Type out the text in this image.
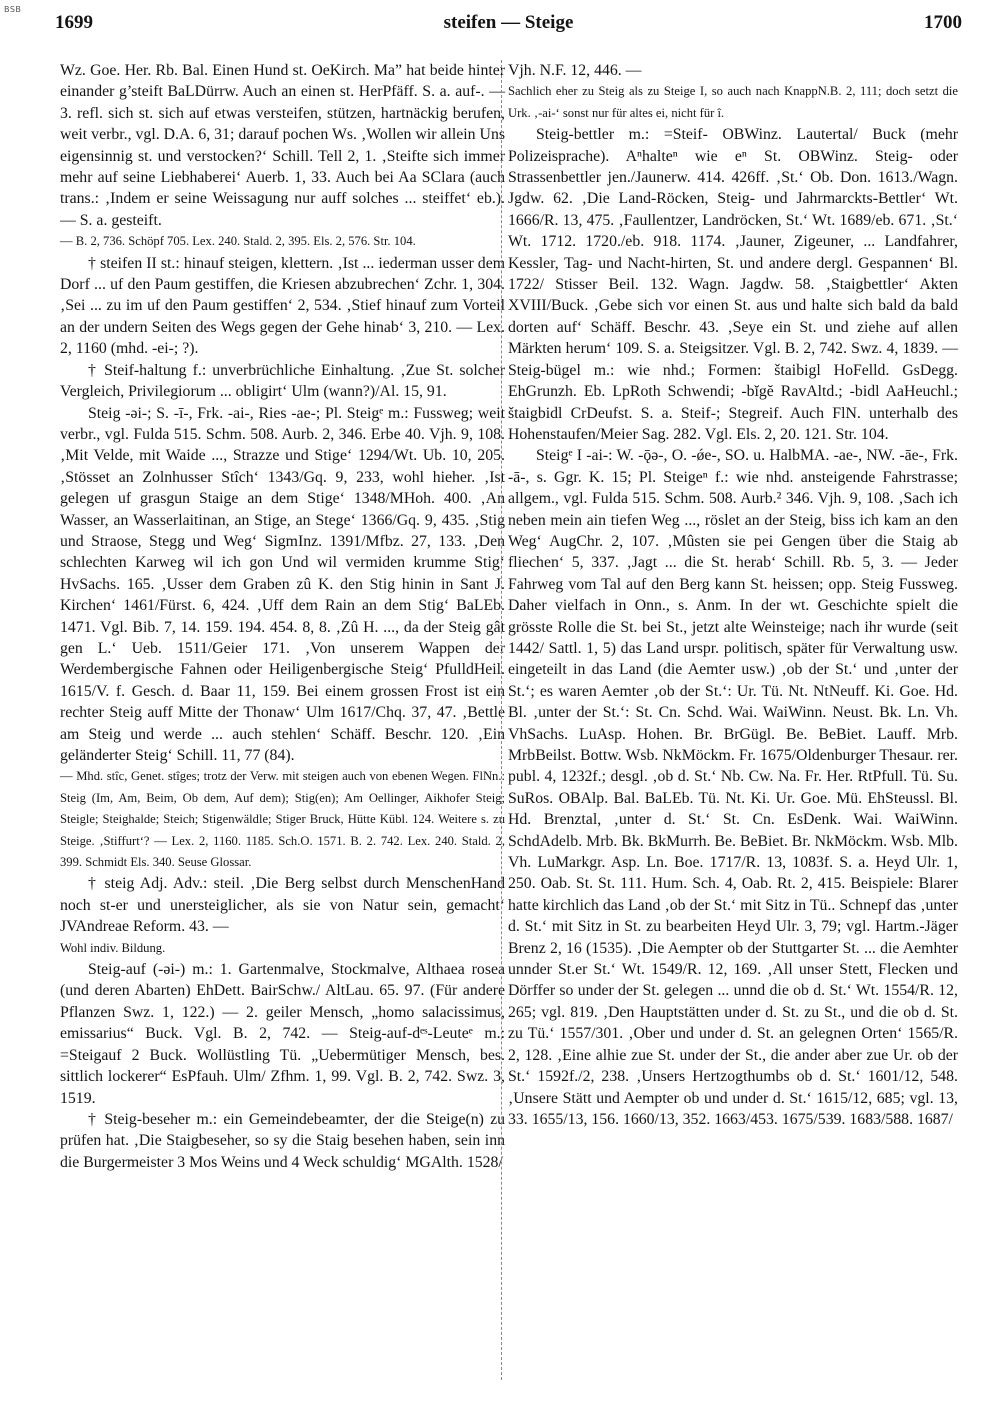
BSB
1699	steifen — Steige	1700

Wz. Goe. Her. Rb. Bal. Einen Hund st. OeKirch. Ma” hat beide hinter einander g’steift BaLDürrw. Auch an einen st. HerPfäff. S. a. auf-. — 3. refl. sich st. sich auf etwas versteifen, stützen, hartnäckig berufen, weit verbr., vgl. D.A. 6, 31; darauf pochen Ws. ‚Wollen wir allein Uns eigensinnig st. und verstocken?‘ Schill. Tell 2, 1. ‚Steifte sich immer mehr auf seine Liebhaberei‘ Auerb. 1, 33. Auch bei Aa SClara (auch trans.: ‚Indem er seine Weissagung nur auff solches ... steiffet‘ eb.). — S. a. gesteift.

— B. 2, 736. Schöpf 705. Lex. 240. Stald. 2, 395. Els. 2, 576. Str. 104.

† steifen II st.: hinauf steigen, klettern. ‚Ist ... iederman usser dem Dorf ... uf den Paum gestiffen, die Kriesen abzubrechen‘ Zchr. 1, 304. ‚Sei ... zu im uf den Paum gestiffen‘ 2, 534. ‚Stief hinauf zum Vorteil an der undern Seiten des Wegs gegen der Gehe hinab‘ 3, 210. — Lex. 2, 1160 (mhd. -ei-; ?).

† Steif-haltung f.: unverbrüchliche Einhaltung. ‚Zue St. solcher Vergleich, Privilegiorum ... obligirt‘ Ulm (wann?)/Al. 15, 91.

Steig -ǝi-; S. -ī-, Frk. -ai-, Ries -ae-; Pl. Steigᵉ m.: Fussweg; weit verbr., vgl. Fulda 515. Schm. 508. Aurb. 2, 346. Erbe 40. Vjh. 9, 108. ‚Mit Velde, mit Waide ..., Strazze und Stige‘ 1294/Wt. Ub. 10, 205. ‚Stösset an Zolnhusser Stîch‘ 1343/Gq. 9, 233, wohl hieher. ‚Ist gelegen uf grasgun Staige an dem Stige‘ 1348/MHoh. 400. ‚An Wasser, an Wasserlaitinan, an Stige, an Stege‘ 1366/Gq. 9, 435. ‚Stig und Straose, Stegg und Weg‘ SigmInz. 1391/Mfbz. 27, 133. ‚Den schlechten Karweg wil ich gon Und wil vermiden krumme Stig‘ HvSachs. 165. ‚Usser dem Graben zû K. den Stig hinin in Sant J. Kirchen‘ 1461/Fürst. 6, 424. ‚Uff dem Rain an dem Stig‘ BaLEb. 1471. Vgl. Bib. 7, 14. 159. 194. 454. 8, 8. ‚Zû H. ..., da der Steig gât gen L.‘ Ueb. 1511/Geier 171. ‚Von unserem Wappen der Werdembergische Fahnen oder Heiligenbergische Steig‘ PfulldHeil. 1615/V. f. Gesch. d. Baar 11, 159. Bei einem grossen Frost ist ein rechter Steig auff Mitte der Thonaw‘ Ulm 1617/Chq. 37, 47. ‚Bettle am Steig und werde ... auch stehlen‘ Schäff. Beschr. 120. ‚Ein geländerter Steig‘ Schill. 11, 77 (84).

— Mhd. stîc, Genet. stîges; trotz der Verw. mit steigen auch von ebenen Wegen. FlNn.: Steig (Im, Am, Beim, Ob dem, Auf dem); Stig(en); Am Oellinger, Aikhofer Steig; Steigle; Steighalde; Steich; Stigenwäldle; Stiger Bruck, Hütte Kübl. 124. Weitere s. zu Steige. ‚Stiffurt‘? — Lex. 2, 1160. 1185. Sch.O. 1571. B. 2. 742. Lex. 240. Stald. 2, 399. Schmidt Els. 340. Seuse Glossar.

† steig Adj. Adv.: steil. ‚Die Berg selbst durch MenschenHand noch st-er und unersteiglicher, als sie von Natur sein, gemacht‘ JVAndreae Reform. 43. —

Wohl indiv. Bildung.

Steig-auf (-ǝi-) m.: 1. Gartenmalve, Stockmalve, Althaea rosea (und deren Abarten) EhDett. BairSchw./ AltLau. 65. 97. (Für andere Pflanzen Swz. 1, 122.) — 2. geiler Mensch, „homo salacissimus, emissarius“ Buck. Vgl. B. 2, 742. — Steig-auf-dᵉˢ-Leuteᵉ m.: =Steigauf 2 Buck. Wollüstling Tü. „Uebermütiger Mensch, bes. sittlich lockerer“ EsPfauh. Ulm/ Zfhm. 1, 99. Vgl. B. 2, 742. Swz. 3, 1519.

† Steig-beseher m.: ein Gemeindebeamter, der die Steige(n) zu prüfen hat. ‚Die Staigbeseher, so sy die Staig besehen haben, sein inn die Burgermeister 3 Mos Weins und 4 Weck schuldig‘ MGAlth. 1528/

Vjh. N.F. 12, 446. —

Sachlich eher zu Steig als zu Steige I, so auch nach KnappN.B. 2, 111; doch setzt die Urk. ‚-ai-‘ sonst nur für altes ei, nicht für î.

Steig-bettler m.: =Steif- OBWinz. Lautertal/ Buck (mehr Polizeisprache). Aⁿhalteⁿ wie eⁿ St. OBWinz. Steig- oder Strassenbettler jen./Jaunerw. 414. 426ff. ‚St.‘ Ob. Don. 1613./Wagn. Jgdw. 62. ‚Die Land-Röcken, Steig- und Jahrmarckts-Bettler‘ Wt. 1666/R. 13, 475. ‚Faullentzer, Landröcken, St.‘ Wt. 1689/eb. 671. ‚St.‘ Wt. 1712. 1720./eb. 918. 1174. ‚Jauner, Zigeuner, ... Landfahrer, Kessler, Tag- und Nacht-hirten, St. und andere dergl. Gespannen‘ Bl. 1722/ Stisser Beil. 132. Wagn. Jagdw. 58. ‚Staigbettler‘ Akten XVIII/Buck. ‚Gebe sich vor einen St. aus und halte sich bald da bald dorten auf‘ Schäff. Beschr. 43. ‚Seye ein St. und ziehe auf allen Märkten herum‘ 109. S. a. Steigsitzer. Vgl. B. 2, 742. Swz. 4, 1839. — Steig-bügel m.: wie nhd.; Formen: štaibigl HoFelld. GsDegg. EhGrunzh. Eb. LpRoth Schwendi; -bĭgĕ RavAltd.; -bidl AaHeuchl.; štaigbidl CrDeufst. S. a. Steif-; Stegreif. Auch FlN. unterhalb des Hohenstaufen/Meier Sag. 282. Vgl. Els. 2, 20. 121. Str. 104.

Steigᵉ I -ai-: W. -ǭǝ-, O. -ǿe-, SO. u. HalbMA. -ae-, NW. -āe-, Frk. -ā-, s. Ggr. K. 15; Pl. Steigeⁿ f.: wie nhd. ansteigende Fahrstrasse; allgem., vgl. Fulda 515. Schm. 508. Aurb.² 346. Vjh. 9, 108. ‚Sach ich neben mein ain tiefen Weg ..., röslet an der Steig, biss ich kam an den Weg‘ AugChr. 2, 107. ‚Mûsten sie pei Gengen über die Staig ab fliechen‘ 5, 337. ‚Jagt ... die St. herab‘ Schill. Rb. 5, 3. — Jeder Fahrweg vom Tal auf den Berg kann St. heissen; opp. Steig Fussweg. Daher vielfach in Onn., s. Anm. In der wt. Geschichte spielt die grösste Rolle die St. bei St., jetzt alte Weinsteige; nach ihr wurde (seit 1442/ Sattl. 1, 5) das Land urspr. politisch, später für Verwaltung usw. eingeteilt in das Land (die Aemter usw.) ‚ob der St.‘ und ‚unter der St.‘; es waren Aemter ‚ob der St.‘: Ur. Tü. Nt. NtNeuff. Ki. Goe. Hd. Bl. ‚unter der St.‘: St. Cn. Schd. Wai. WaiWinn. Neust. Bk. Ln. Vh. VhSachs. LuAsp. Hohen. Br. BrGügl. Be. BeBiet. Lauff. Mrb. MrbBeilst. Bottw. Wsb. NkMöckm. Fr. 1675/Oldenburger Thesaur. rer. publ. 4, 1232f.; desgl. ‚ob d. St.‘ Nb. Cw. Na. Fr. Her. RtPfull. Tü. Su. SuRos. OBAlp. Bal. BaLEb. Tü. Nt. Ki. Ur. Goe. Mü. EhSteussl. Bl. Hd. Brenztal, ‚unter d. St.‘ St. Cn. EsDenk. Wai. WaiWinn. SchdAdelb. Mrb. Bk. BkMurrh. Be. BeBiet. Br. NkMöckm. Wsb. Mlb. Vh. LuMarkgr. Asp. Ln. Boe. 1717/R. 13, 1083f. S. a. Heyd Ulr. 1, 250. Oab. St. St. 111. Hum. Sch. 4, Oab. Rt. 2, 415. Beispiele: Blarer hatte kirchlich das Land ‚ob der St.‘ mit Sitz in Tü.. Schnepf das ‚unter d. St.‘ mit Sitz in St. zu bearbeiten Heyd Ulr. 3, 79; vgl. Hartm.-Jäger Brenz 2, 16 (1535). ‚Die Aempter ob der Stuttgarter St. ... die Aemhter unnder St.er St.‘ Wt. 1549/R. 12, 169. ‚All unser Stett, Flecken und Dörffer so under der St. gelegen ... unnd die ob d. St.‘ Wt. 1554/R. 12, 265; vgl. 819. ‚Den Hauptstätten under d. St. zu St., und die ob d. St. zu Tü.‘ 1557/301. ‚Ober und under d. St. an gelegnen Orten‘ 1565/R. 2, 128. ‚Eine alhie zue St. under der St., die ander aber zue Ur. ob der St.‘ 1592f./2, 238. ‚Unsers Hertzogthumbs ob d. St.‘ 1601/12, 548. ‚Unsere Stätt und Aempter ob und under d. St.‘ 1615/12, 685; vgl. 13, 33. 1655/13, 156. 1660/13, 352. 1663/453. 1675/539. 1683/588. 1687/
